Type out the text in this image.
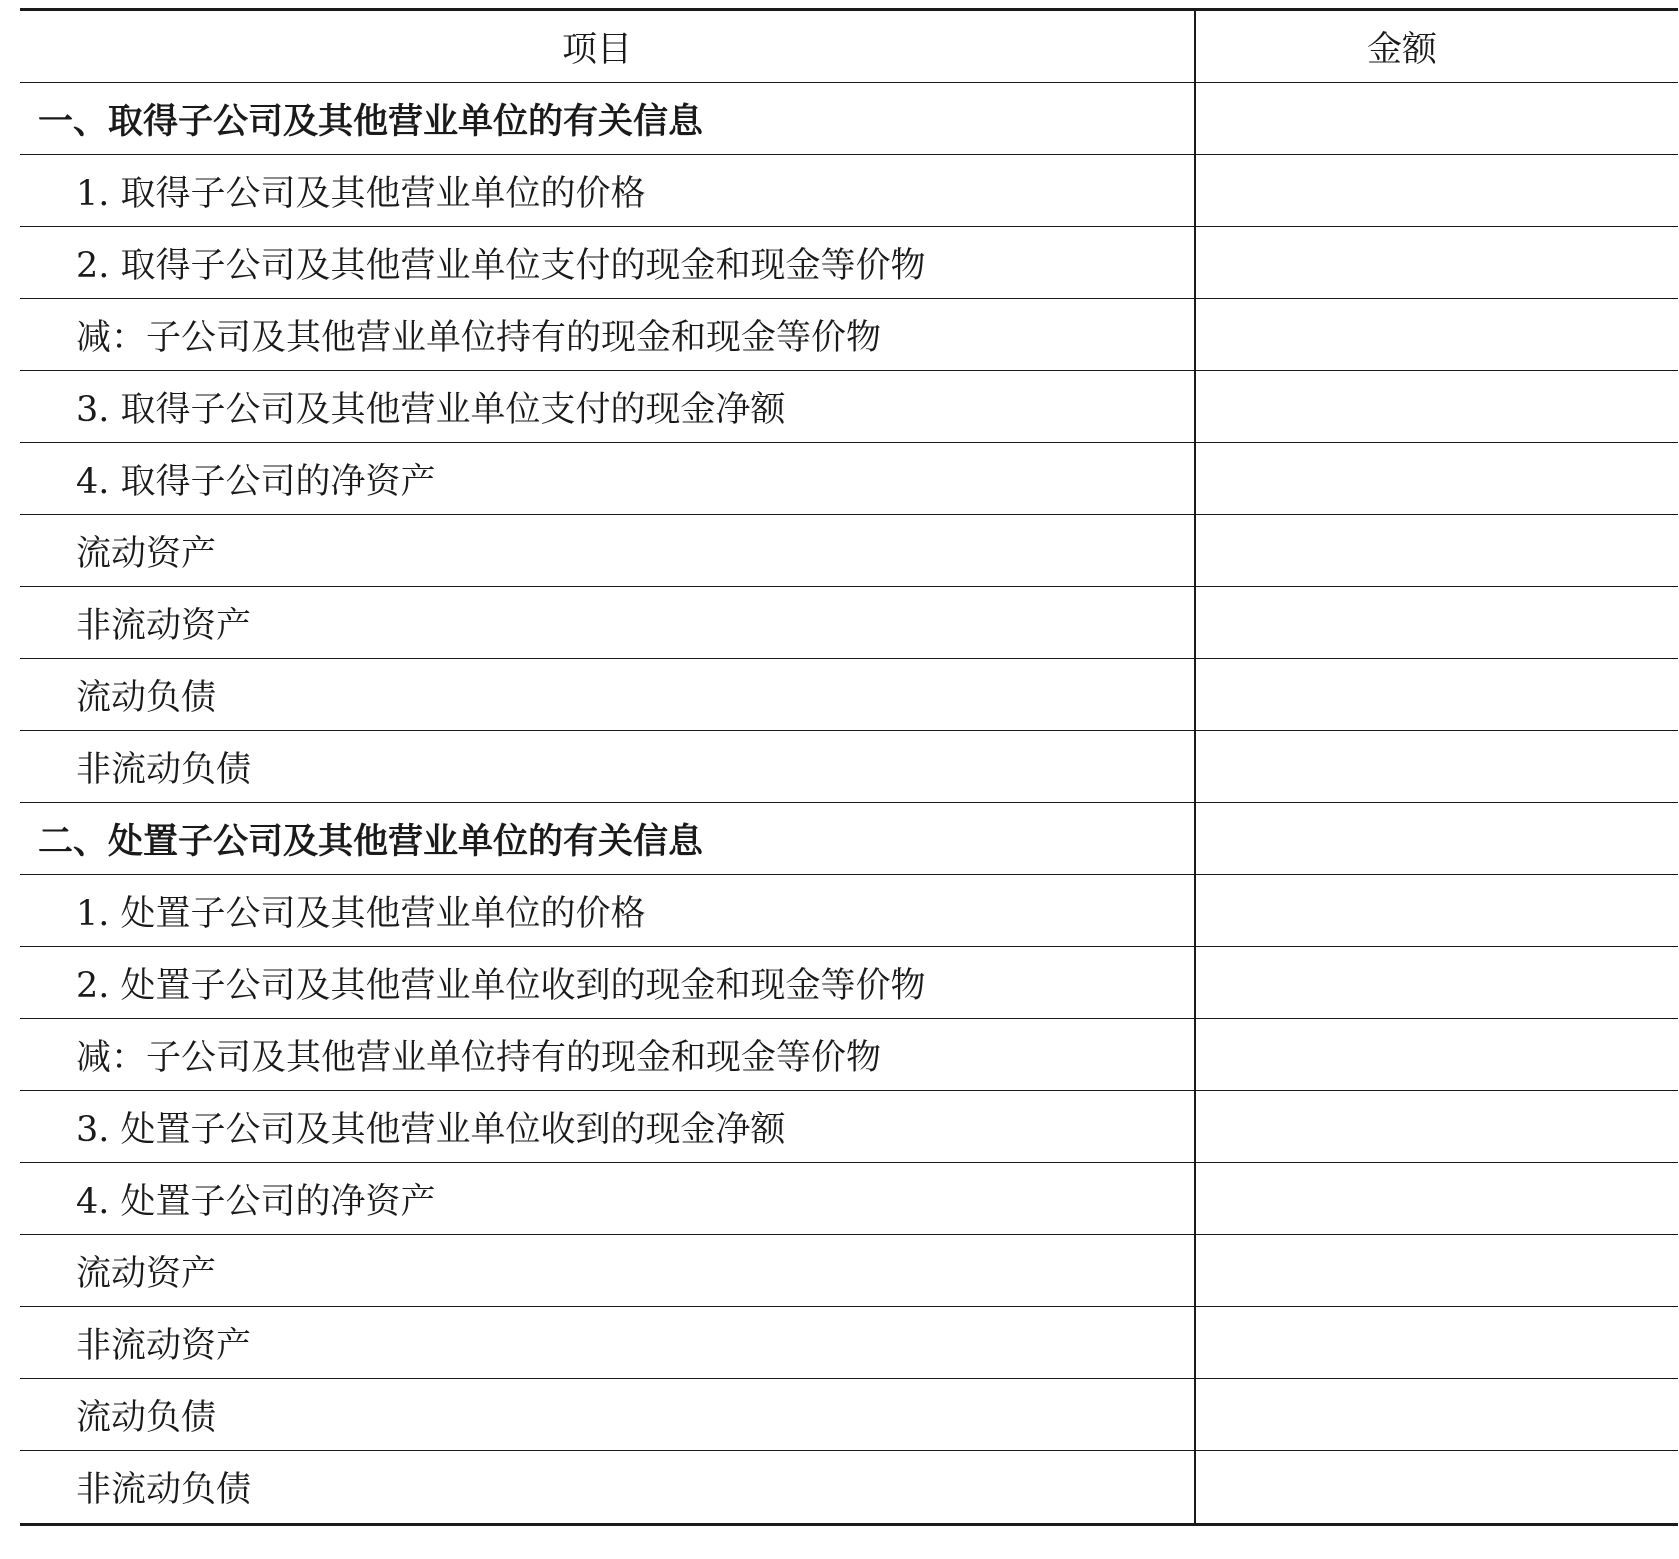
项目	金额
一、取得子公司及其他营业单位的有关信息
1. 取得子公司及其他营业单位的价格
2. 取得子公司及其他营业单位支付的现金和现金等价物
减：子公司及其他营业单位持有的现金和现金等价物
3. 取得子公司及其他营业单位支付的现金净额
4. 取得子公司的净资产
流动资产
非流动资产
流动负债
非流动负债
二、处置子公司及其他营业单位的有关信息
1. 处置子公司及其他营业单位的价格
2. 处置子公司及其他营业单位收到的现金和现金等价物
减：子公司及其他营业单位持有的现金和现金等价物
3. 处置子公司及其他营业单位收到的现金净额
4. 处置子公司的净资产
流动资产
非流动资产
流动负债
非流动负债
